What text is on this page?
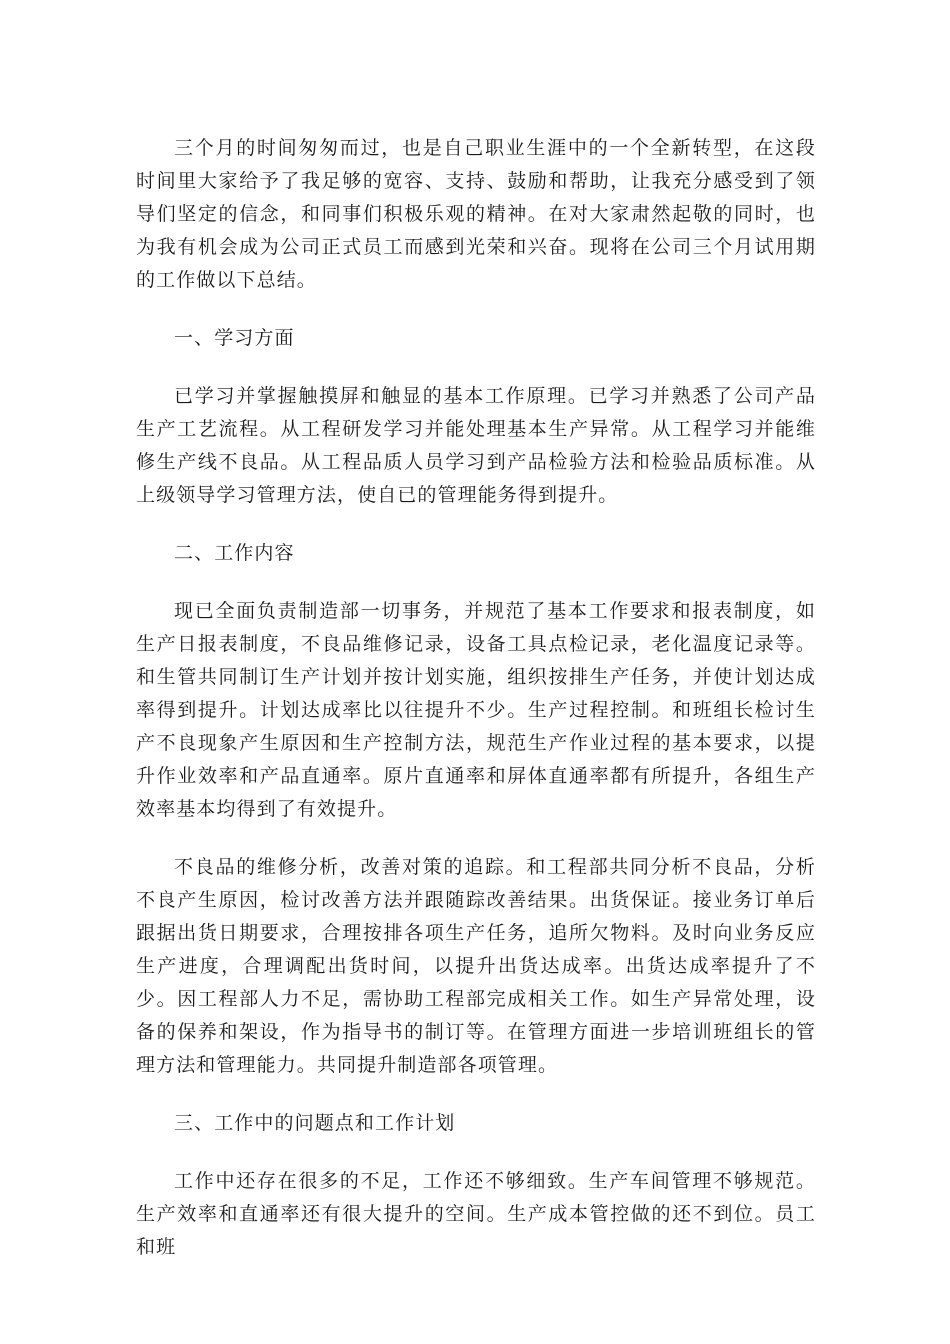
三个月的时间匆匆而过，也是自己职业生涯中的一个全新转型，在这段时间里大家给予了我足够的宽容、支持、鼓励和帮助，让我充分感受到了领导们坚定的信念，和同事们积极乐观的精神。在对大家肃然起敬的同时，也为我有机会成为公司正式员工而感到光荣和兴奋。现将在公司三个月试用期的工作做以下总结。

一、学习方面

已学习并掌握触摸屏和触显的基本工作原理。已学习并熟悉了公司产品生产工艺流程。从工程研发学习并能处理基本生产异常。从工程学习并能维修生产线不良品。从工程品质人员学习到产品检验方法和检验品质标准。从上级领导学习管理方法，使自已的管理能务得到提升。

二、工作内容

现已全面负责制造部一切事务，并规范了基本工作要求和报表制度，如生产日报表制度，不良品维修记录，设备工具点检记录，老化温度记录等。和生管共同制订生产计划并按计划实施，组织按排生产任务，并使计划达成率得到提升。计划达成率比以往提升不少。生产过程控制。和班组长检讨生产不良现象产生原因和生产控制方法，规范生产作业过程的基本要求，以提升作业效率和产品直通率。原片直通率和屏体直通率都有所提升，各组生产效率基本均得到了有效提升。

不良品的维修分析，改善对策的追踪。和工程部共同分析不良品，分析不良产生原因，检讨改善方法并跟随踪改善结果。出货保证。接业务订单后跟据出货日期要求，合理按排各项生产任务，追所欠物料。及时向业务反应生产进度，合理调配出货时间，以提升出货达成率。出货达成率提升了不少。因工程部人力不足，需协助工程部完成相关工作。如生产异常处理，设备的保养和架设，作为指导书的制订等。在管理方面进一步培训班组长的管理方法和管理能力。共同提升制造部各项管理。

三、工作中的问题点和工作计划

工作中还存在很多的不足，工作还不够细致。生产车间管理不够规范。生产效率和直通率还有很大提升的空间。生产成本管控做的还不到位。员工和班
